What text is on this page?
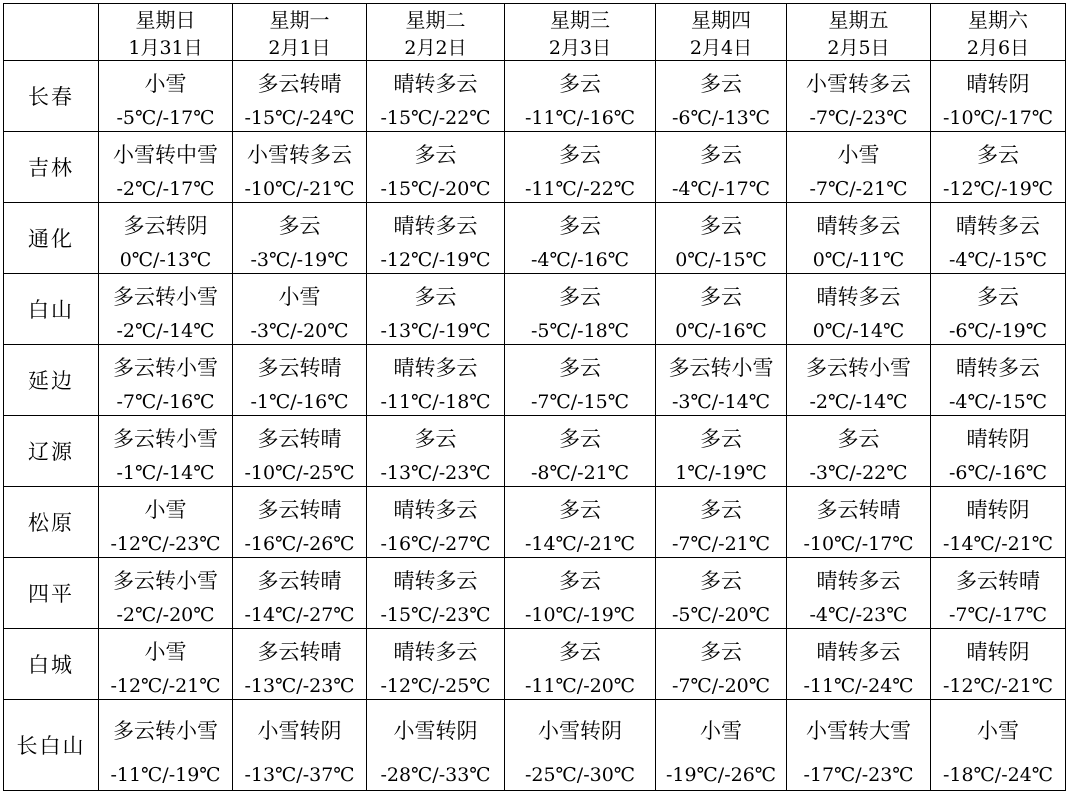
	星期日	星期一	星期二	星期三	星期四	星期五	星期六
	1月31日	2月1日	2月2日	2月3日	2月4日	2月5日	2月6日
长春	小雪	多云转晴	晴转多云	多云	多云	小雪转多云	晴转阴
	-5℃/-17℃	-15℃/-24℃	-15℃/-22℃	-11℃/-16℃	-6℃/-13℃	-7℃/-23℃	-10℃/-17℃
吉林	小雪转中雪	小雪转多云	多云	多云	多云	小雪	多云
	-2℃/-17℃	-10℃/-21℃	-15℃/-20℃	-11℃/-22℃	-4℃/-17℃	-7℃/-21℃	-12℃/-19℃
通化	多云转阴	多云	晴转多云	多云	多云	晴转多云	晴转多云
	0℃/-13℃	-3℃/-19℃	-12℃/-19℃	-4℃/-16℃	0℃/-15℃	0℃/-11℃	-4℃/-15℃
白山	多云转小雪	小雪	多云	多云	多云	晴转多云	多云
	-2℃/-14℃	-3℃/-20℃	-13℃/-19℃	-5℃/-18℃	0℃/-16℃	0℃/-14℃	-6℃/-19℃
延边	多云转小雪	多云转晴	晴转多云	多云	多云转小雪	多云转小雪	晴转多云
	-7℃/-16℃	-1℃/-16℃	-11℃/-18℃	-7℃/-15℃	-3℃/-14℃	-2℃/-14℃	-4℃/-15℃
辽源	多云转小雪	多云转晴	多云	多云	多云	多云	晴转阴
	-1℃/-14℃	-10℃/-25℃	-13℃/-23℃	-8℃/-21℃	1℃/-19℃	-3℃/-22℃	-6℃/-16℃
松原	小雪	多云转晴	晴转多云	多云	多云	多云转晴	晴转阴
	-12℃/-23℃	-16℃/-26℃	-16℃/-27℃	-14℃/-21℃	-7℃/-21℃	-10℃/-17℃	-14℃/-21℃
四平	多云转小雪	多云转晴	晴转多云	多云	多云	晴转多云	多云转晴
	-2℃/-20℃	-14℃/-27℃	-15℃/-23℃	-10℃/-19℃	-5℃/-20℃	-4℃/-23℃	-7℃/-17℃
白城	小雪	多云转晴	晴转多云	多云	多云	晴转多云	晴转阴
	-12℃/-21℃	-13℃/-23℃	-12℃/-25℃	-11℃/-20℃	-7℃/-20℃	-11℃/-24℃	-12℃/-21℃
长白山	多云转小雪	小雪转阴	小雪转阴	小雪转阴	小雪	小雪转大雪	小雪
	-11℃/-19℃	-13℃/-37℃	-28℃/-33℃	-25℃/-30℃	-19℃/-26℃	-17℃/-23℃	-18℃/-24℃
